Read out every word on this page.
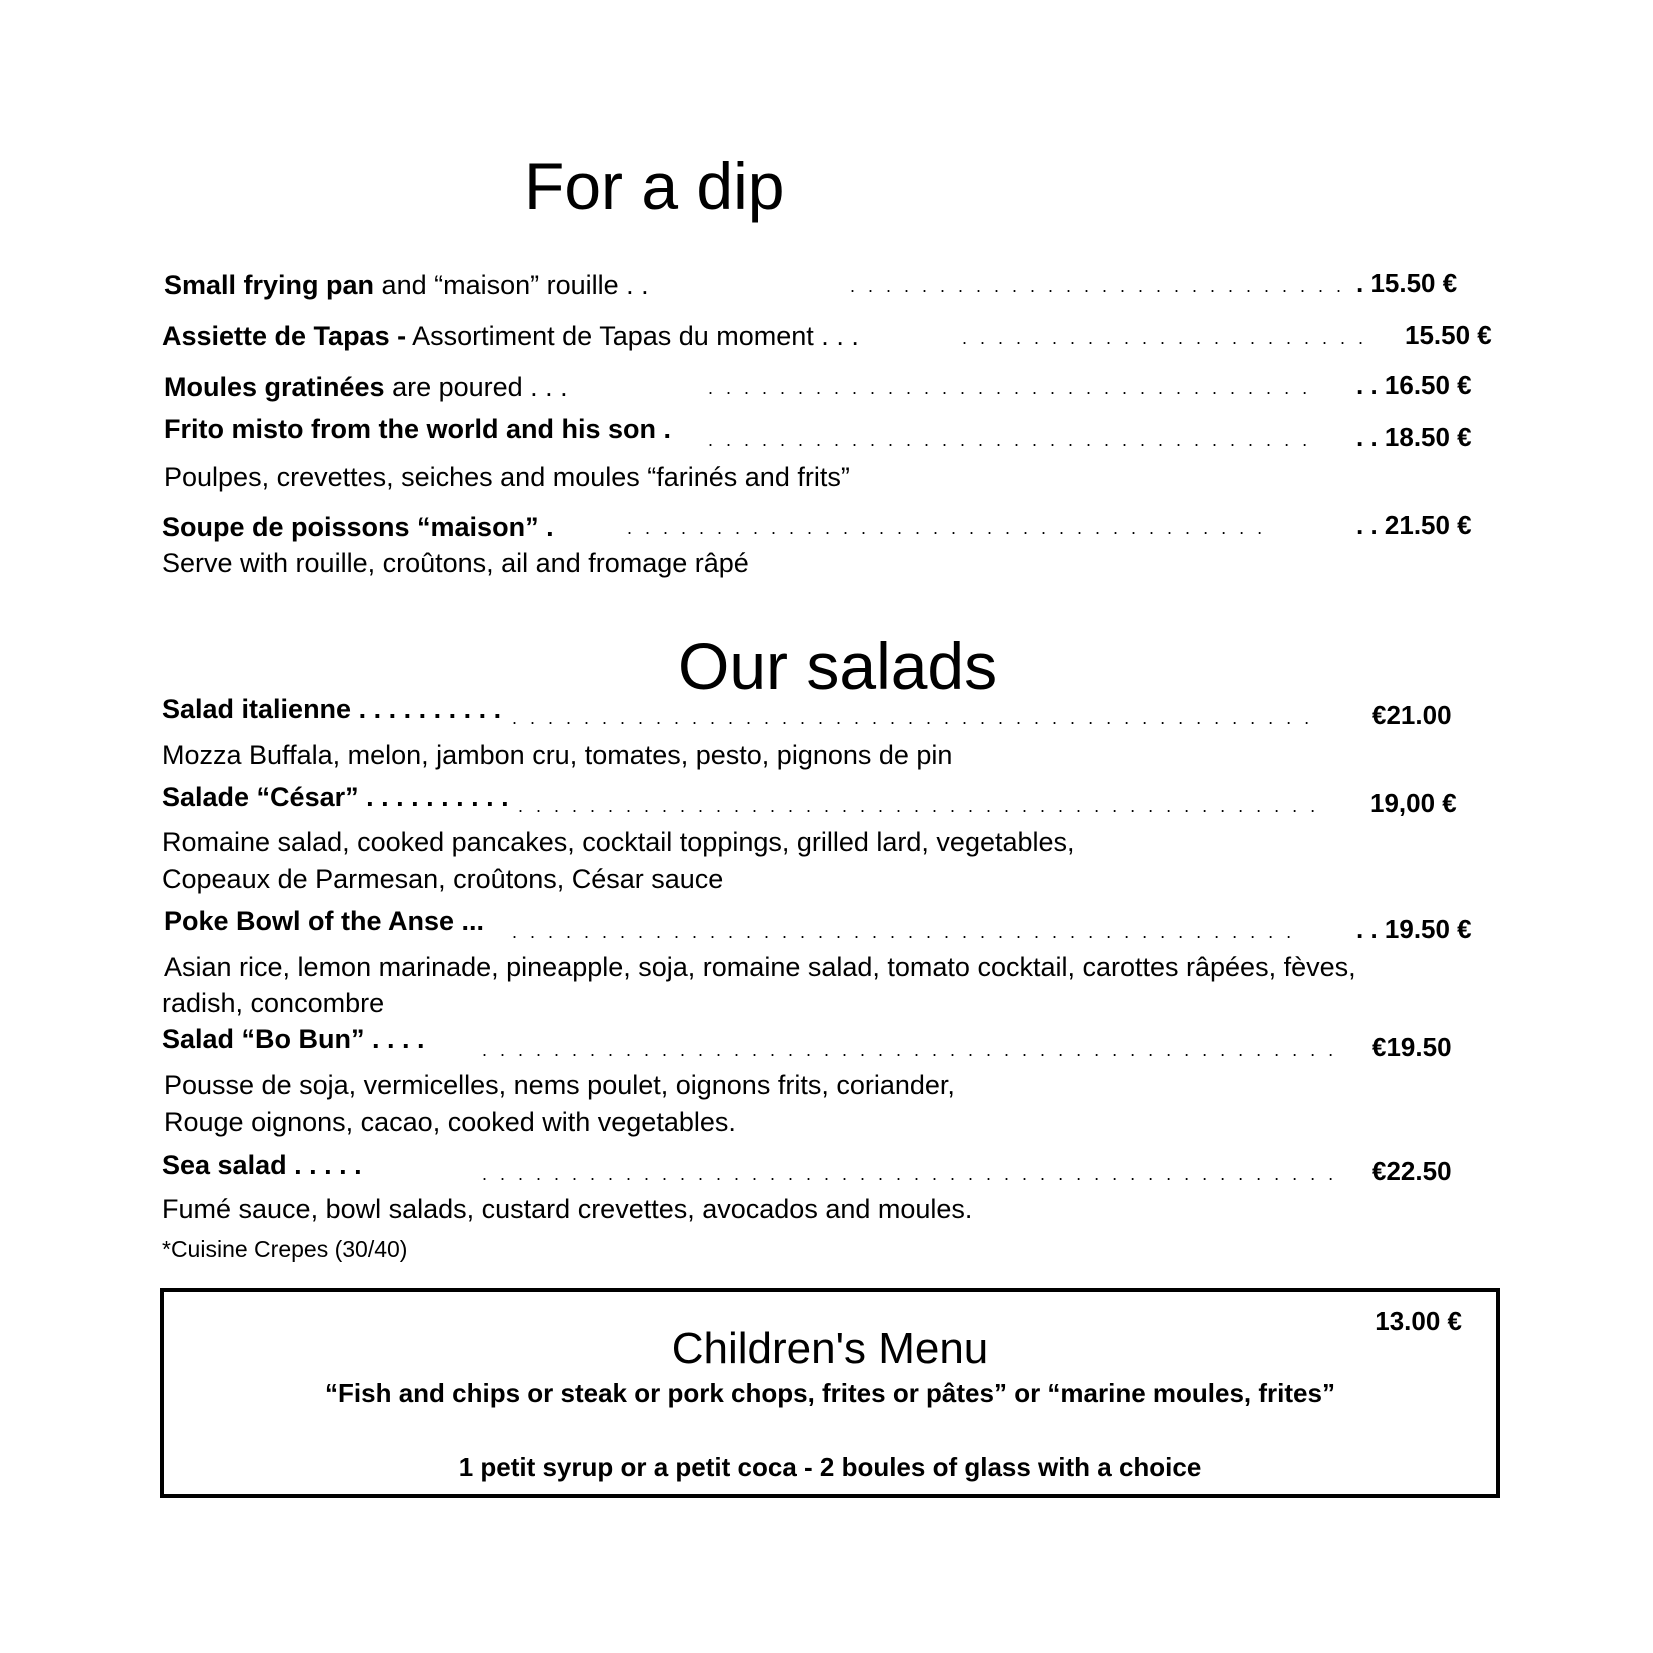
For a dip
Small frying pan and “maison” rouille . .	. . . . . . . . . . . . . . . . . . . . . . . . . . . . . 15.50 €
Assiette de Tapas - Assortiment de Tapas du moment . . .	. . . . . . . . . . . . . . . . . . . . . . . 15.50 €
Moules gratinées are poured . . .	. . . . . . . . . . . . . . . . . . . . . . . . . . . . . . . . . . . . 16.50 €
Frito misto from the world and his son . . . . . . . . . . . . . . . . . . . . . . . . . . . . . . . . . . . . . 18.50 €
Poulpes, crevettes, seiches and moules “farinés and frits”
Soupe de poissons “maison” .	. . . . . . . . . . . . . . . . . . . . . . . . . . . . . . . . . . . .	. . 21.50 €
Serve with rouille, croûtons, ail and fromage râpé
Our salads
Salad italienne . . . . . . . . . . . . . . . . . . . . . . . . . . . . . . . . . . . . . . . . . . . . . . . . . . . . . . . €21.00
Mozza Buffala, melon, jambon cru, tomates, pesto, pignons de pin
Salade “César” . . . . . . . . . . . . . . . . . . . . . . . . . . . . . . . . . . . . . . . . . . . . . . . . . . . . . . . 19,00 €
Romaine salad, cooked pancakes, cocktail toppings, grilled lard, vegetables,
Copeaux de Parmesan, croûtons, César sauce
Poke Bowl of the Anse ... . . . . . . . . . . . . . . . . . . . . . . . . . . . . . . . . . . . . . . . . . . . . . . 19.50 €
Asian rice, lemon marinade, pineapple, soja, romaine salad, tomato cocktail, carottes râpées, fèves,
radish, concombre
Salad “Bo Bun” . . . .	. . . . . . . . . . . . . . . . . . . . . . . . . . . . . . . . . . . . . . . . . . . . . . . . €19.50
Pousse de soja, vermicelles, nems poulet, oignons frits, coriander,
Rouge oignons, cacao, cooked with vegetables.
Sea salad . . . . .	. . . . . . . . . . . . . . . . . . . . . . . . . . . . . . . . . . . . . . . . . . . . . . . . €22.50
Fumé sauce, bowl salads, custard crevettes, avocados and moules.
*Cuisine Crepes (30/40)
13.00 €
Children's Menu
“Fish and chips or steak or pork chops, frites or pâtes” or “marine moules, frites”
1 petit syrup or a petit coca - 2 boules of glass with a choice
